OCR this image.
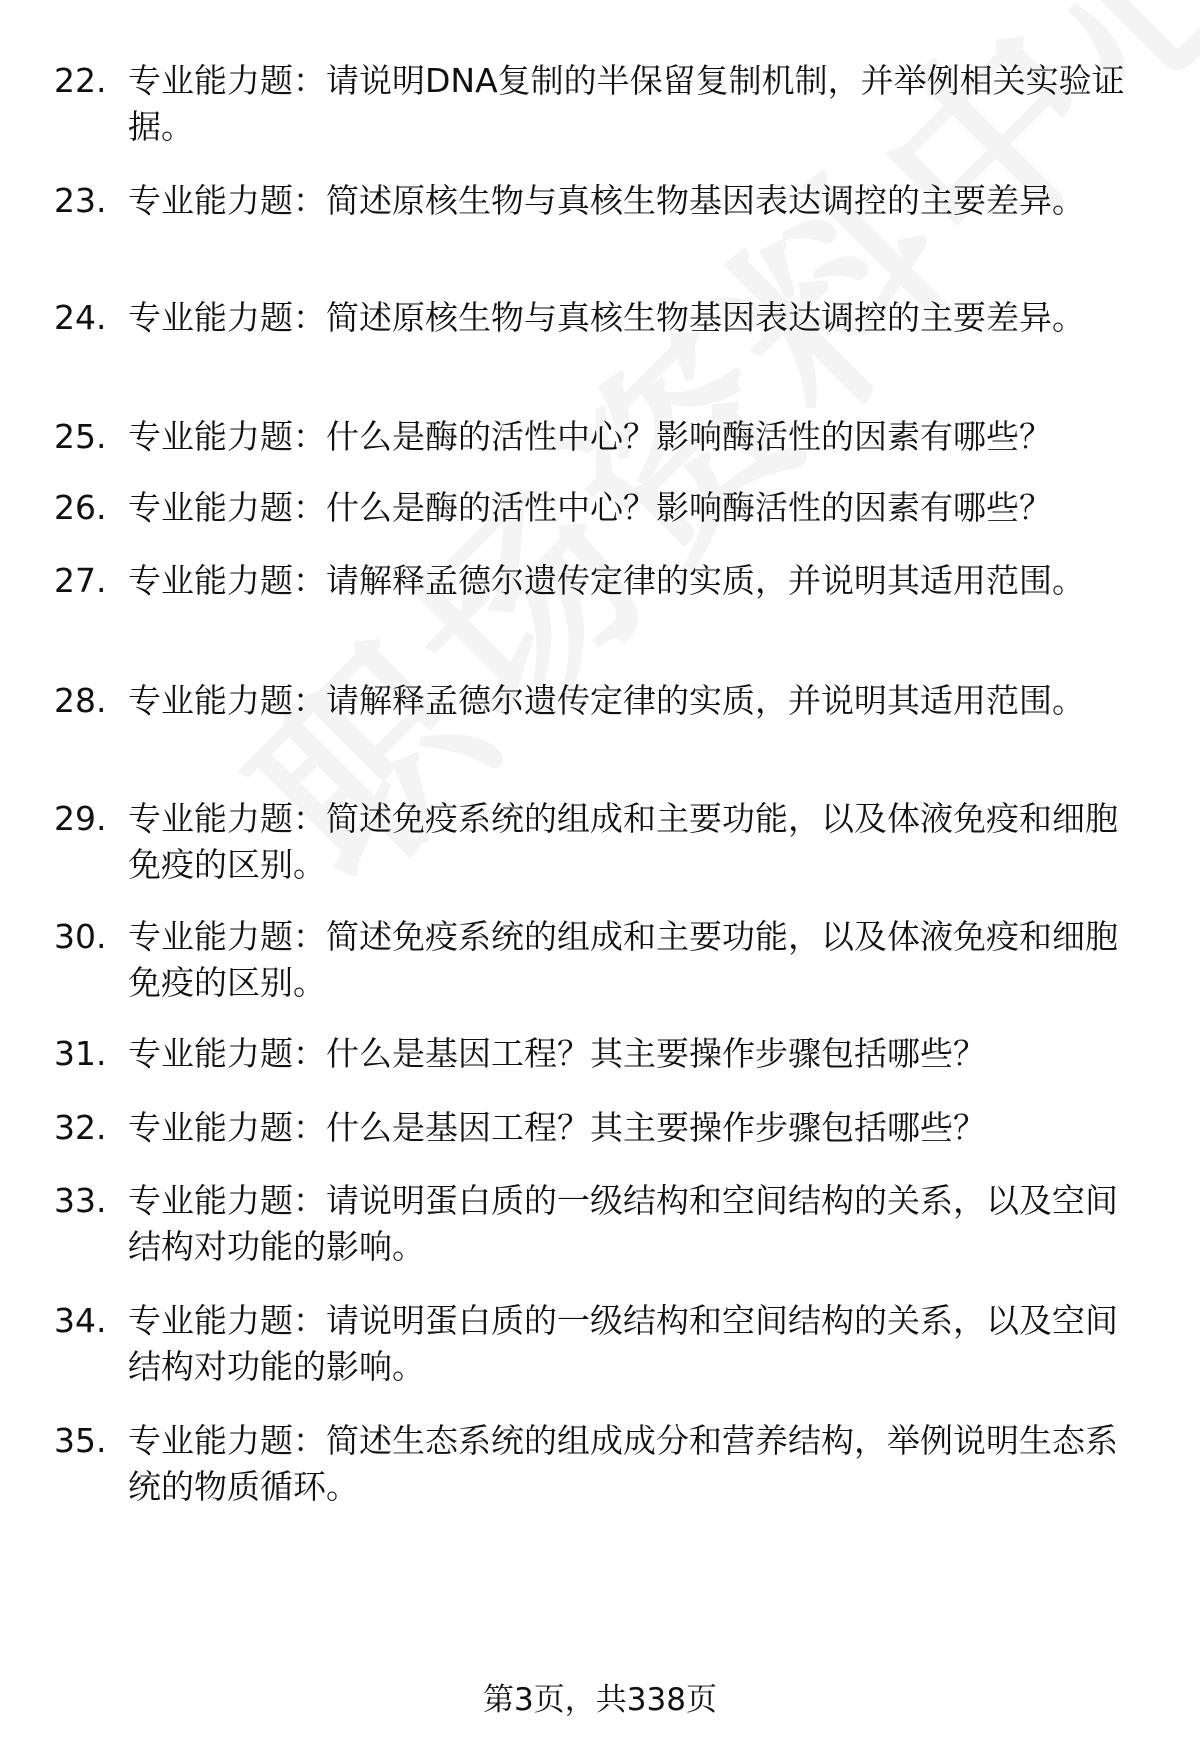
22. 专业能力题：请说明DNA复制的半保留复制机制，并举例相关实验证据。
23. 专业能力题：简述原核生物与真核生物基因表达调控的主要差异。
24. 专业能力题：简述原核生物与真核生物基因表达调控的主要差异。
25. 专业能力题：什么是酶的活性中心？影响酶活性的因素有哪些？
26. 专业能力题：什么是酶的活性中心？影响酶活性的因素有哪些？
27. 专业能力题：请解释孟德尔遗传定律的实质，并说明其适用范围。
28. 专业能力题：请解释孟德尔遗传定律的实质，并说明其适用范围。
29. 专业能力题：简述免疫系统的组成和主要功能，以及体液免疫和细胞免疫的区别。
30. 专业能力题：简述免疫系统的组成和主要功能，以及体液免疫和细胞免疫的区别。
31. 专业能力题：什么是基因工程？其主要操作步骤包括哪些？
32. 专业能力题：什么是基因工程？其主要操作步骤包括哪些？
33. 专业能力题：请说明蛋白质的一级结构和空间结构的关系，以及空间结构对功能的影响。
34. 专业能力题：请说明蛋白质的一级结构和空间结构的关系，以及空间结构对功能的影响。
35. 专业能力题：简述生态系统的组成成分和营养结构，举例说明生态系统的物质循环。
第3页，共338页
